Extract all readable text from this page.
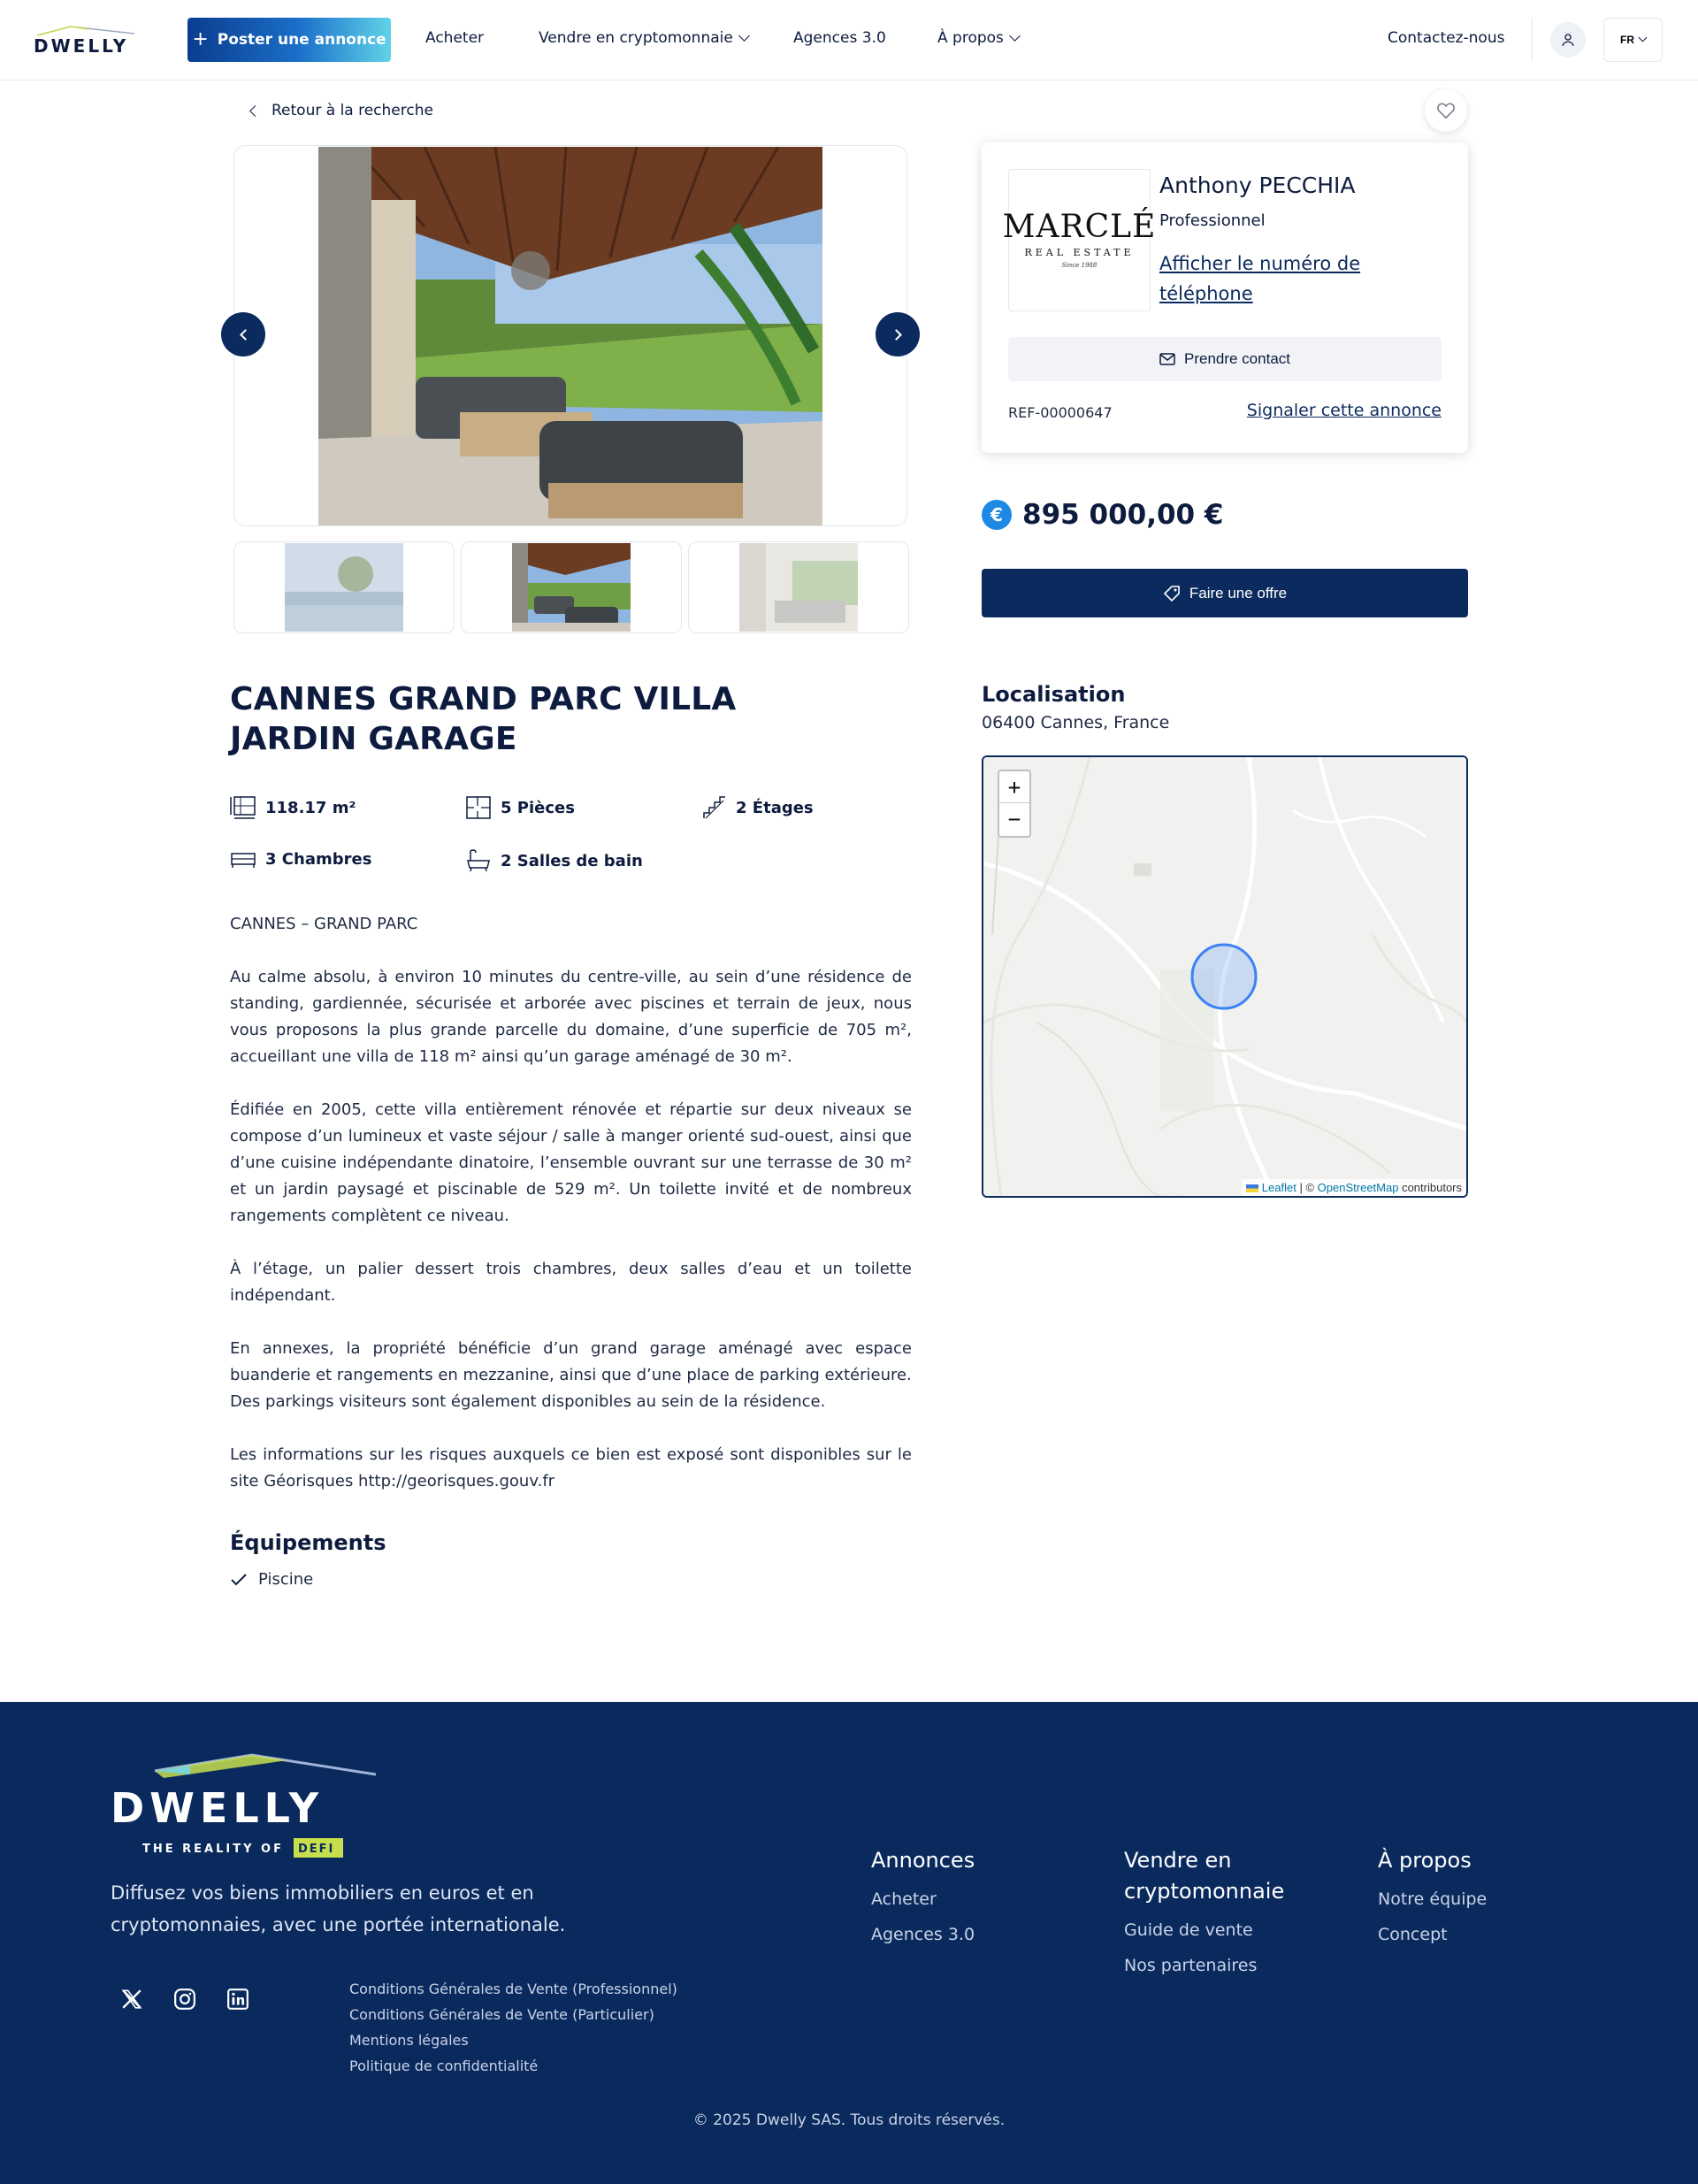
DWELLY	+ Poster une annonce	Acheter	Vendre en cryptomonnaie	Agences 3.0	À propos	Contactez-nous	FR
Retour à la recherche
CANNES GRAND PARC VILLA JARDIN GARAGE
118.17 m²	5 Pièces	2 Étages
3 Chambres	2 Salles de bain

CANNES – GRAND PARC

Au calme absolu, à environ 10 minutes du centre-ville, au sein d’une résidence de standing, gardiennée, sécurisée et arborée avec piscines et terrain de jeux, nous vous proposons la plus grande parcelle du domaine, d’une superficie de 705 m², accueillant une villa de 118 m² ainsi qu’un garage aménagé de 30 m².

Édifiée en 2005, cette villa entièrement rénovée et répartie sur deux niveaux se compose d’un lumineux et vaste séjour / salle à manger orienté sud-ouest, ainsi que d’une cuisine indépendante dinatoire, l’ensemble ouvrant sur une terrasse de 30 m² et un jardin paysagé et piscinable de 529 m². Un toilette invité et de nombreux rangements complètent ce niveau.

À l’étage, un palier dessert trois chambres, deux salles d’eau et un toilette indépendant.

En annexes, la propriété bénéficie d’un grand garage aménagé avec espace buanderie et rangements en mezzanine, ainsi que d’une place de parking extérieure.

Des parkings visiteurs sont également disponibles au sein de la résidence.

Les informations sur les risques auxquels ce bien est exposé sont disponibles sur le site Géorisques http://georisques.gouv.fr

Équipements
Piscine
MARCLÉ
REAL ESTATE
Since 1988
Anthony PECCHIA
Professionnel
Afficher le numéro de téléphone
Prendre contact
REF-00000647	Signaler cette annonce
€ 895 000,00 €
Faire une offre
Localisation
06400 Cannes, France
+
−
Leaflet | © OpenStreetMap contributors
DWELLY
THE REALITY OF DEFI

Diffusez vos biens immobiliers en euros et en cryptomonnaies, avec une portée internationale.

Conditions Générales de Vente (Professionnel)
Conditions Générales de Vente (Particulier)
Mentions légales
Politique de confidentialité
Annonces
Acheter
Agences 3.0
Vendre en cryptomonnaie
Guide de vente
Nos partenaires
À propos
Notre équipe
Concept
© 2025 Dwelly SAS. Tous droits réservés.
